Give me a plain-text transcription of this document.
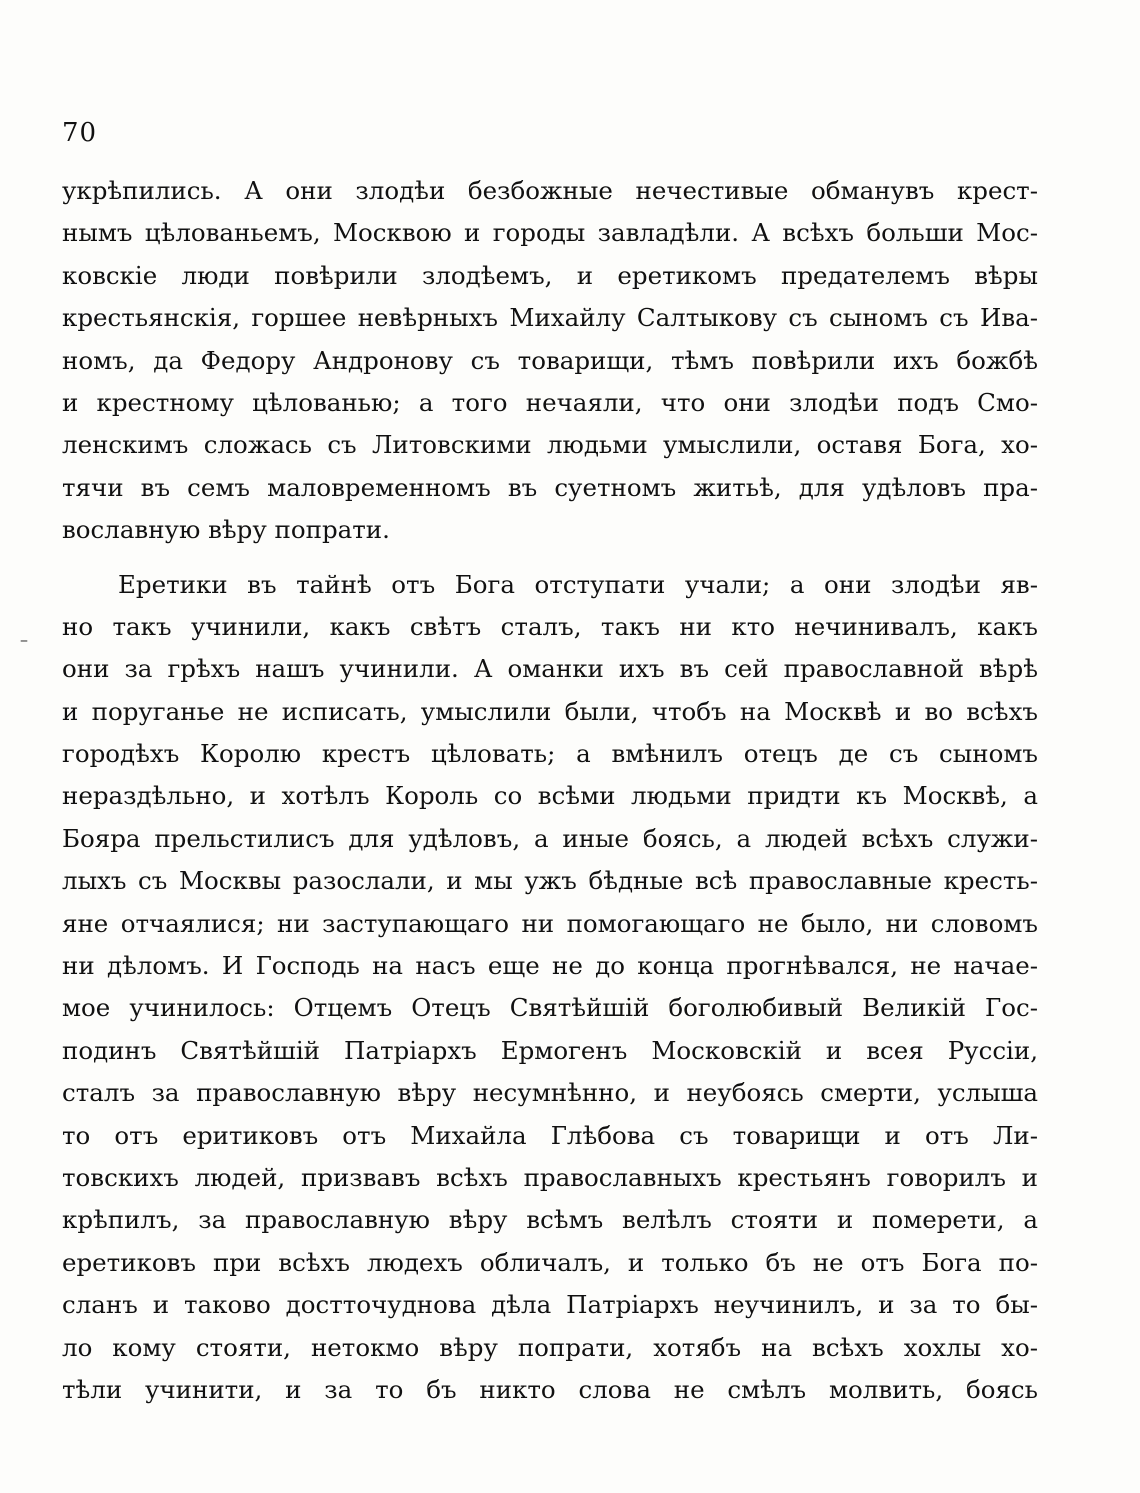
70
–
укрѣпились. А они злодѣи безбожные нечестивые обманувъ крест-
нымъ цѣлованьемъ, Москвою и городы завладѣли. А всѣхъ больши Мос-
ковскіе люди повѣрили злодѣемъ, и еретикомъ предателемъ вѣры
крестьянскія, горшее невѣрныхъ Михайлу Салтыкову съ сыномъ съ Ива-
номъ, да Федору Андронову съ товарищи, тѣмъ повѣрили ихъ божбѣ
и крестному цѣлованью; а того нечаяли, что они злодѣи подъ Смо-
ленскимъ сложась съ Литовскими людьми умыслили, оставя Бога, хо-
тячи въ семъ маловременномъ въ суетномъ житьѣ, для удѣловъ пра-
вославную вѣру попрати.
Еретики въ тайнѣ отъ Бога отступати учали; а они злодѣи яв-
но такъ учинили, какъ свѣтъ сталъ, такъ ни кто нечинивалъ, какъ
они за грѣхъ нашъ учинили. А оманки ихъ въ сей православной вѣрѣ
и поруганье не исписать, умыслили были, чтобъ на Москвѣ и во всѣхъ
городѣхъ Королю крестъ цѣловать; а вмѣнилъ отецъ де съ сыномъ
нераздѣльно, и хотѣлъ Король со всѣми людьми придти къ Москвѣ, а
Бояра прельстилисъ для удѣловъ, а иные боясь, а людей всѣхъ служи-
лыхъ съ Москвы разослали, и мы ужъ бѣдные всѣ православные кресть-
яне отчаялися; ни заступающаго ни помогающаго не было, ни словомъ
ни дѣломъ. И Господь на насъ еще не до конца прогнѣвался, не начае-
мое учинилось: Отцемъ Отецъ Святѣйшій боголюбивый Великій Гос-
подинъ Святѣйшій Патріархъ Ермогенъ Московскій и всея Руссіи,
сталъ за православную вѣру несумнѣнно, и неубоясь смерти, услыша
то отъ еритиковъ отъ Михайла Глѣбова съ товарищи и отъ Ли-
товскихъ людей, призвавъ всѣхъ православныхъ крестьянъ говорилъ и
крѣпилъ, за православную вѣру всѣмъ велѣлъ стояти и померети, а
еретиковъ при всѣхъ людехъ обличалъ, и только бъ не отъ Бога по-
сланъ и таково достточуднова дѣла Патріархъ неучинилъ, и за то бы-
ло кому стояти, нетокмо вѣру попрати, хотябъ на всѣхъ хохлы хо-
тѣли учинити, и за то бъ никто слова не смѣлъ молвить, боясь
